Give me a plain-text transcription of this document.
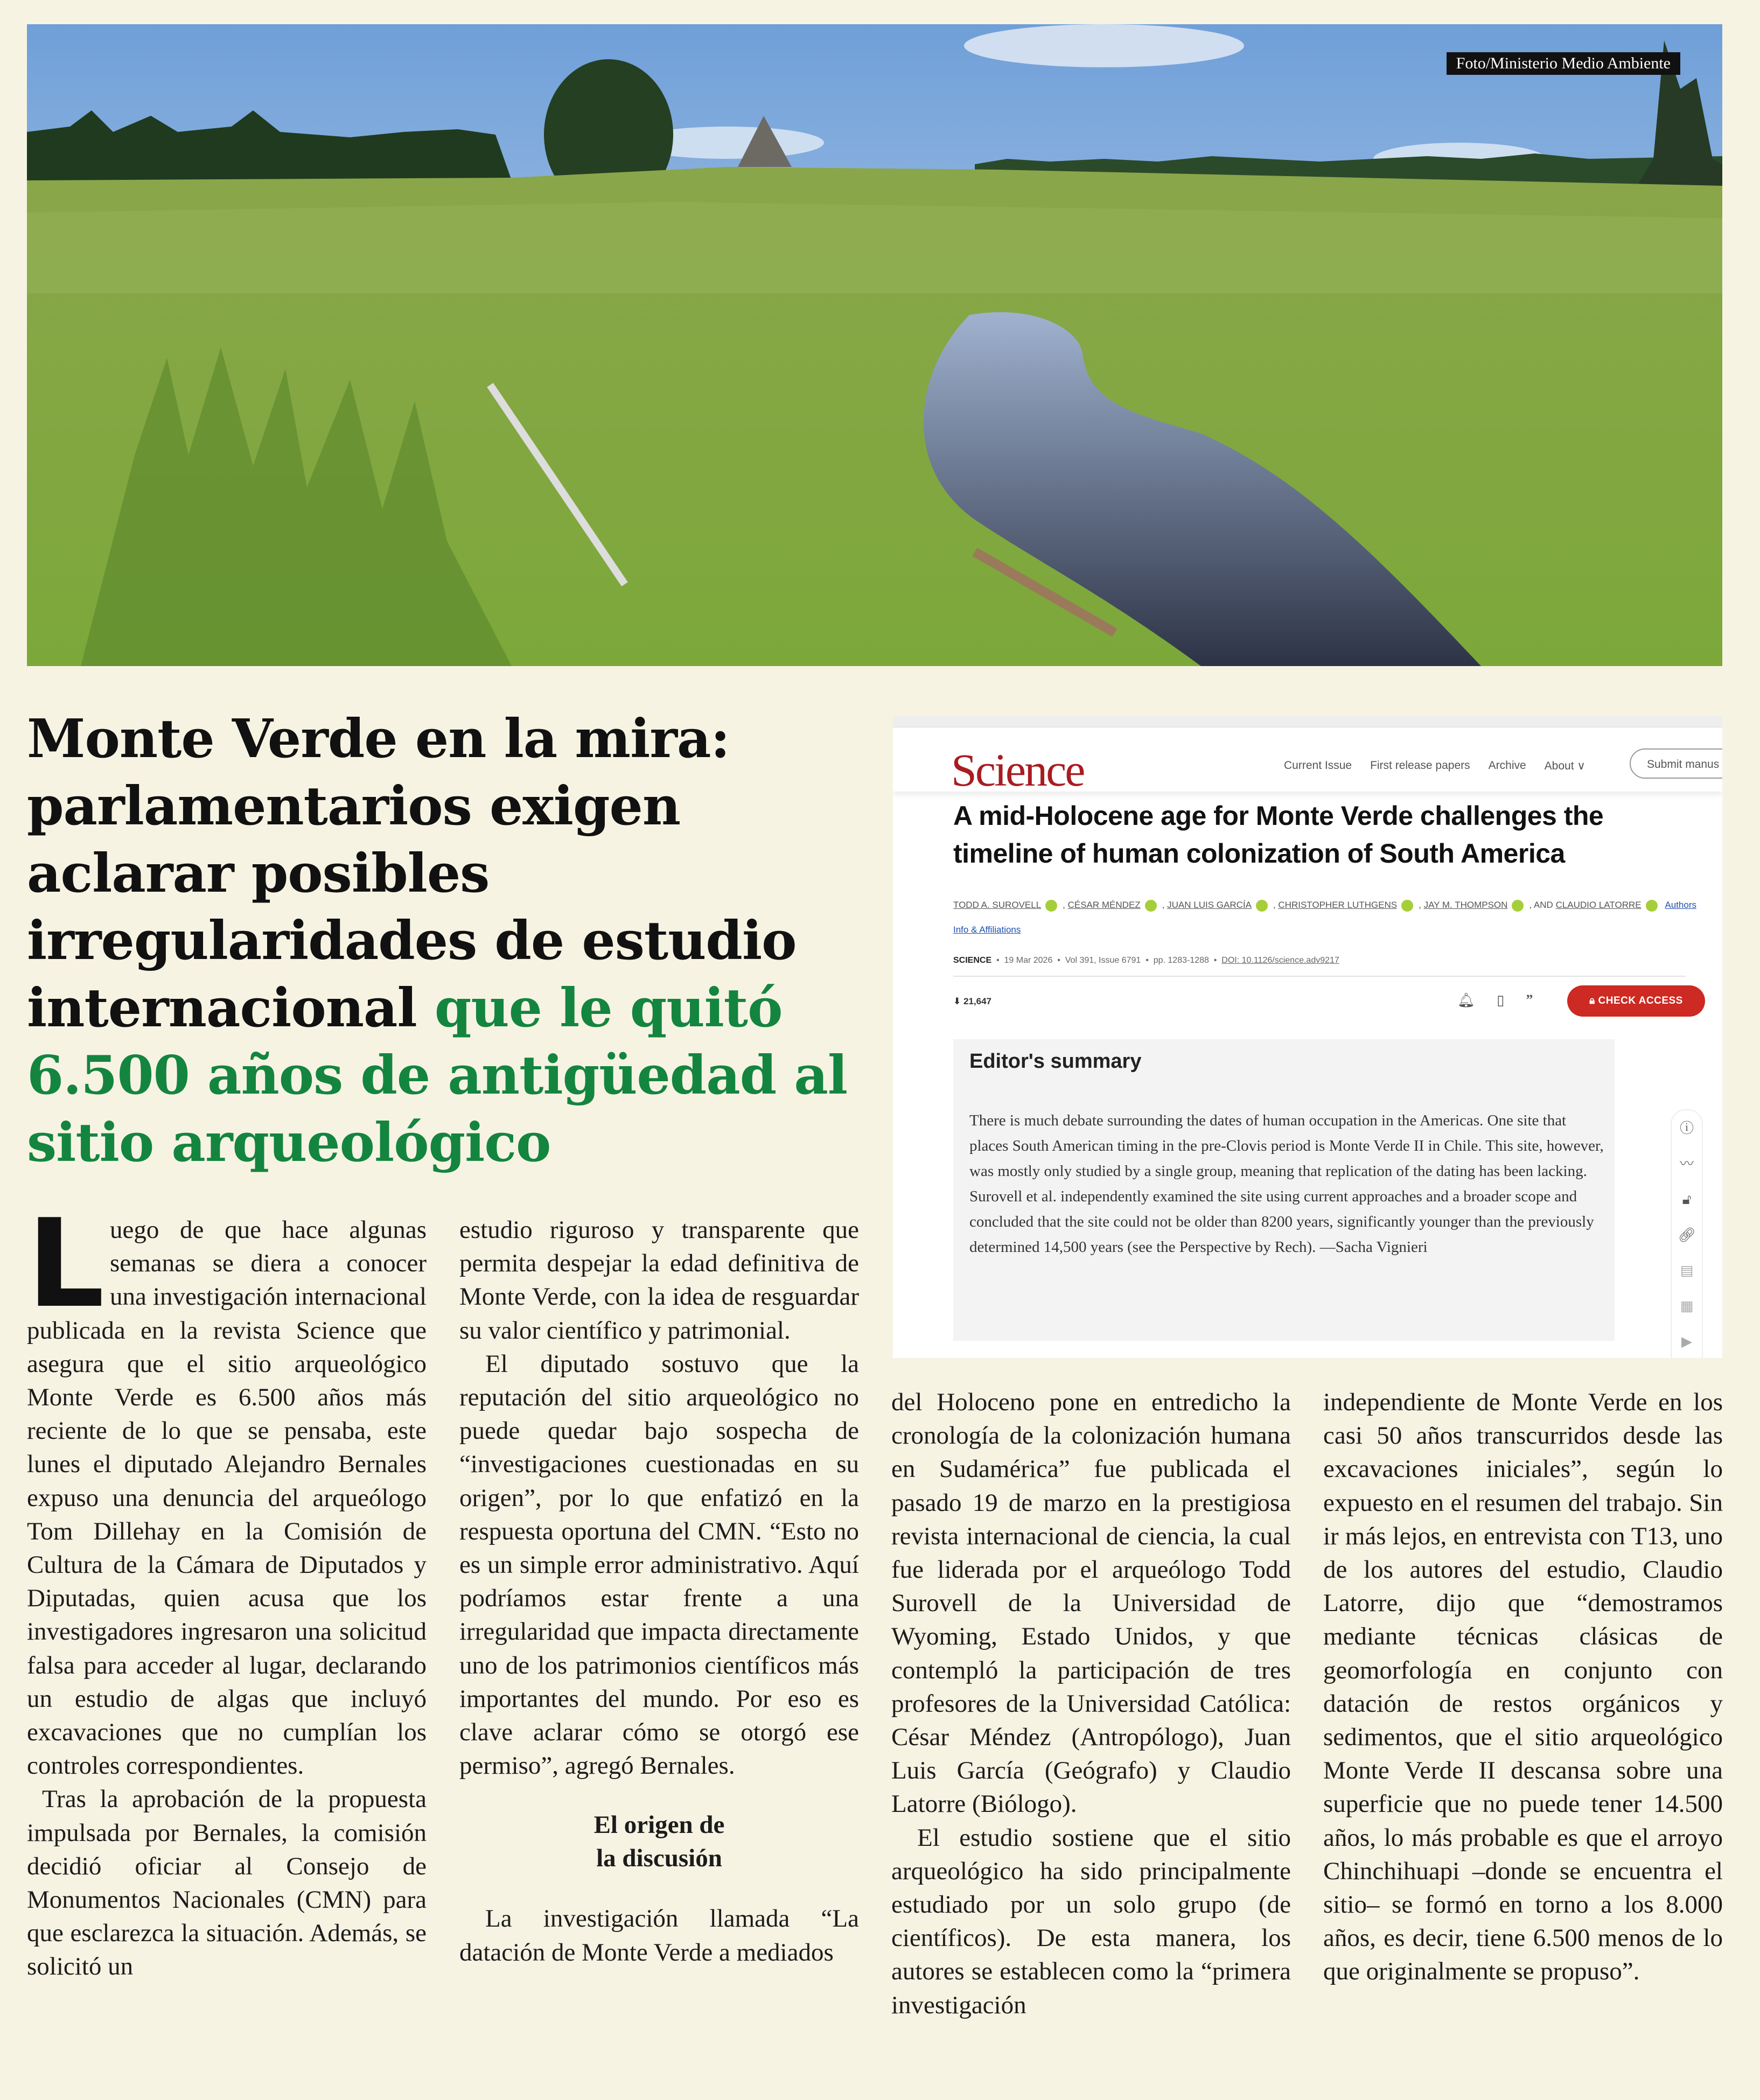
Foto/Ministerio Medio Ambiente
Monte Verde en la mira: parlamentarios exigen aclarar posibles irregularidades de estudio internacional que le quitó 6.500 años de antigüedad al sitio arqueológico
Science	Current Issue First release papers Archive About ∨	Submit manus
A mid-Holocene age for Monte Verde challenges the timeline of human colonization of South America
TODD A. SUROVELL , CÉSAR MÉNDEZ , JUAN LUIS GARCÍA , CHRISTOPHER LUTHGENS , JAY M. THOMPSON , AND CLAUDIO LATORRE	Authors Info & Affiliations
SCIENCE  •  19 Mar 2026  •  Vol 391, Issue 6791  •  pp. 1283-1288  •  DOI: 10.1126/science.adv9217
⬇ 21,647	🔔︎ ▯ ”	🔒︎ CHECK ACCESS
Editor's summary

There is much debate surrounding the dates of human occupation in the Americas. One site that places South American timing in the pre-Clovis period is Monte Verde II in Chile. This site, however, was mostly only studied by a single group, meaning that replication of the dating has been lacking. Surovell et al. independently examined the site using current approaches and a broader scope and concluded that the site could not be older than 8200 years, significantly younger than the previously determined 14,500 years (see the Perspective by Rech). —Sacha Vignieri

ⓘ
〰
🔓︎
🔗︎
▤
▦
▶
L uego de que hace algunas semanas se diera a conocer una investigación internacional publicada en la revista Science que asegura que el sitio arqueológico Monte Verde es 6.500 años más reciente de lo que se pensaba, este lunes el diputado Alejandro Bernales expuso una denuncia del arqueólogo Tom Dillehay en la Comisión de Cultura de la Cámara de Diputados y Diputadas, quien acusa que los investigadores ingresaron una solicitud falsa para acceder al lugar, declarando un estudio de algas que incluyó excavaciones que no cumplían los controles correspondientes.

Tras la aprobación de la propuesta impulsada por Bernales, la comisión decidió oficiar al Consejo de Monumentos Nacionales (CMN) para que esclarezca la situación. Además, se solicitó un

estudio riguroso y transparente que permita despejar la edad definitiva de Monte Verde, con la idea de resguardar su valor científico y patrimonial.

El diputado sostuvo que la reputación del sitio arqueológico no puede quedar bajo sospecha de “investigaciones cuestionadas en su origen”, por lo que enfatizó en la respuesta oportuna del CMN. “Esto no es un simple error administrativo. Aquí podríamos estar frente a una irregularidad que impacta directamente uno de los patrimonios científicos más importantes del mundo. Por eso es clave aclarar cómo se otorgó ese permiso”, agregó Bernales.

El origen de
la discusión

La investigación llamada “La datación de Monte Verde a mediados

del Holoceno pone en entredicho la cronología de la colonización humana en Sudamérica” fue publicada el pasado 19 de marzo en la prestigiosa revista internacional de ciencia, la cual fue liderada por el arqueólogo Todd Surovell de la Universidad de Wyoming, Estado Unidos, y que contempló la participación de tres profesores de la Universidad Católica: César Méndez (Antropólogo), Juan Luis García (Geógrafo) y Claudio Latorre (Biólogo).

El estudio sostiene que el sitio arqueológico ha sido principalmente estudiado por un solo grupo (de científicos). De esta manera, los autores se establecen como la “primera investigación

independiente de Monte Verde en los casi 50 años transcurridos desde las excavaciones iniciales”, según lo expuesto en el resumen del trabajo. Sin ir más lejos, en entrevista con T13, uno de los autores del estudio, Claudio Latorre, dijo que “demostramos mediante técnicas clásicas de geomorfología en conjunto con datación de restos orgánicos y sedimentos, que el sitio arqueológico Monte Verde II descansa sobre una superficie que no puede tener 14.500 años, lo más probable es que el arroyo Chinchihuapi –donde se encuentra el sitio– se formó en torno a los 8.000 años, es decir, tiene 6.500 menos de lo que originalmente se propuso”.
